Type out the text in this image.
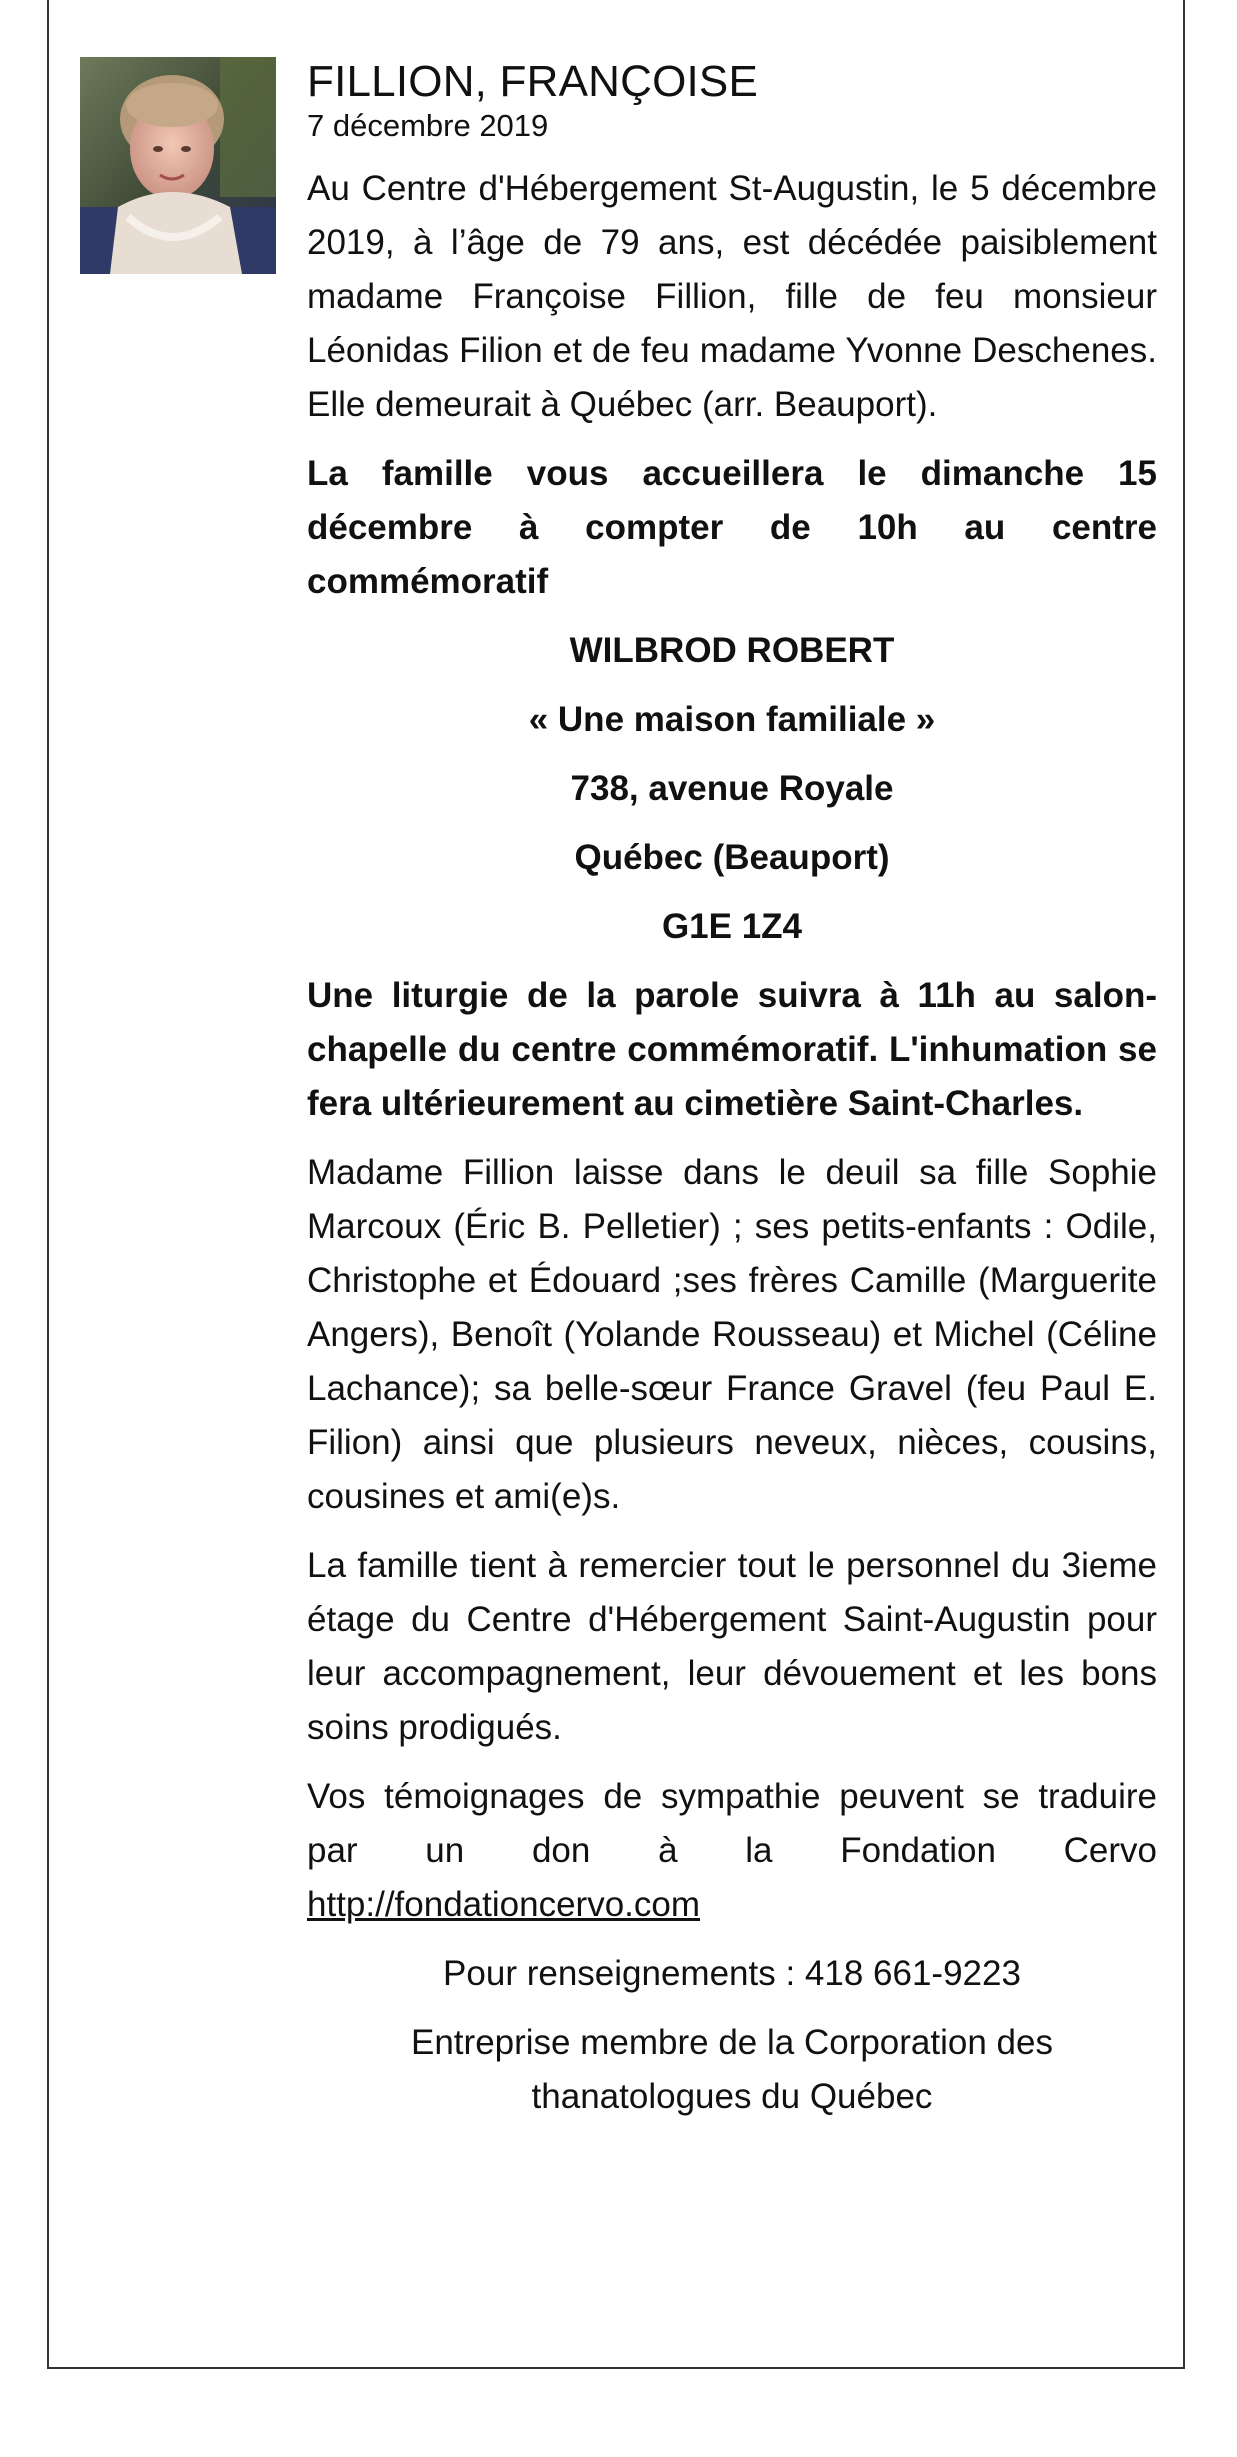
FILLION, FRANÇOISE
7 décembre 2019

Au Centre d'Hébergement St-Augustin, le 5 décembre 2019, à l’âge de 79 ans, est décédée paisiblement madame Françoise Fillion, fille de feu monsieur Léonidas Filion et de feu madame Yvonne Deschenes. Elle demeurait à Québec (arr. Beauport).

La famille vous accueillera le dimanche 15 décembre à compter de 10h au centre commémoratif

WILBROD ROBERT

« Une maison familiale »

738, avenue Royale

Québec (Beauport)

G1E 1Z4

Une liturgie de la parole suivra à 11h au salon-chapelle du centre commémoratif. L'inhumation se fera ultérieurement au cimetière Saint-Charles.

Madame Fillion laisse dans le deuil sa fille Sophie Marcoux (Éric B. Pelletier) ; ses petits-enfants : Odile, Christophe et Édouard ;ses frères Camille (Marguerite Angers), Benoît (Yolande Rousseau) et Michel (Céline Lachance); sa belle-sœur France Gravel (feu Paul E. Filion) ainsi que plusieurs neveux, nièces, cousins, cousines et ami(e)s.

La famille tient à remercier tout le personnel du 3ieme étage du Centre d'Hébergement Saint-Augustin pour leur accompagnement, leur dévouement et les bons soins prodigués.

Vos témoignages de sympathie peuvent se traduire par un don à la Fondation Cervo http://fondationcervo.com

Pour renseignements : 418 661-9223

Entreprise membre de la Corporation des thanatologues du Québec
